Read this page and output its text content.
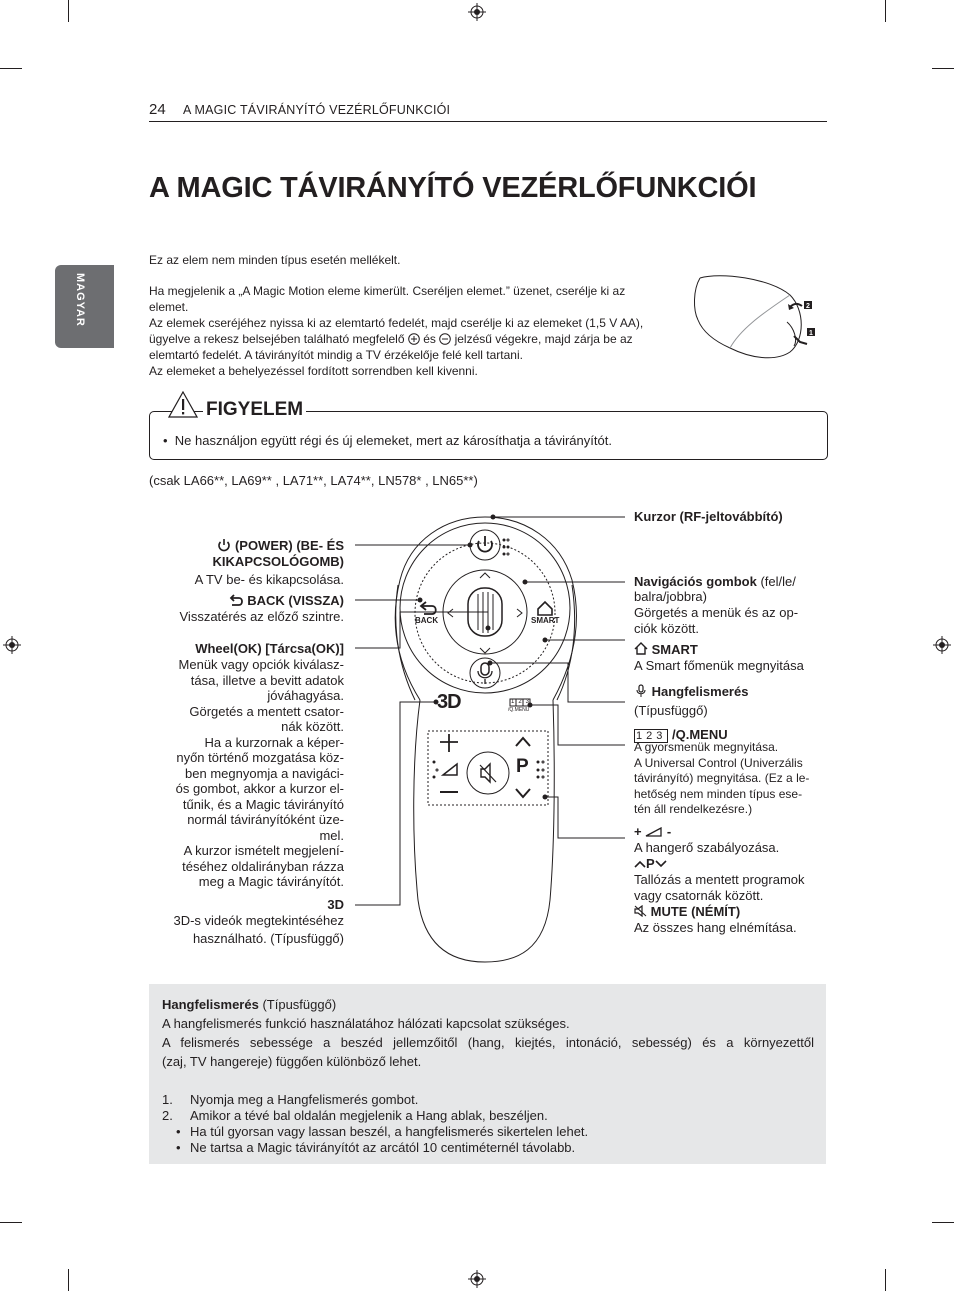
24 A MAGIC TÁVIRÁNYÍTÓ VEZÉRLŐFUNKCIÓI
MAGYAR
A MAGIC TÁVIRÁNYÍTÓ VEZÉRLŐFUNKCIÓI
Ez az elem nem minden típus esetén mellékelt.
Ha megjelenik a „A Magic Motion eleme kimerült. Cseréljen elemet.” üzenet, cserélje ki az
elemet.
Az elemek cseréjéhez nyissa ki az elemtartó fedelét, majd cserélje ki az elemeket (1,5 V AA),
ügyelve a rekesz belsejében található megfelelő és jelzésű végekre, majd zárja be az
elemtartó fedelét. A távirányítót mindig a TV érzékelője felé kell tartani.
Az elemeket a behelyezéssel fordított sorrendben kell kivenni.
2
1
FIGYELEM
•  Ne használjon együtt régi és új elemeket, mert az károsíthatja a távirányítót.
(csak LA66**, LA69** , LA71**, LA74**, LN578* , LN65**)
BACK	SMART
3D	123
/Q.MENU
P
(POWER) (BE- ÉS
KIKAPCSOLÓGOMB)
A TV be- és kikapcsolása.
BACK (VISSZA)
Visszatérés az előző szintre.
Wheel(OK) [Tárcsa(OK)]
Menük vagy opciók kiválasz-
tása, illetve a bevitt adatok
jóváhagyása.
Görgetés a mentett csator-
nák között.
Ha a kurzornak a képer-
nyőn történő mozgatása köz-
ben megnyomja a navigáci-
ós gombot, akkor a kurzor el-
tűnik, és a Magic távirányító
normál távirányítóként üze-
mel.
A kurzor ismételt megjelení-
téséhez oldalirányban rázza
meg a Magic távirányítót.
3D
3D-s videók megtekintéséhez
használható. (Típusfüggő)
Kurzor (RF-jeltovábbító)
Navigációs gombok (fel/le/
balra/jobbra)
Görgetés a menük és az op-
ciók között.
SMART
A Smart főmenük megnyitása
Hangfelismerés
(Típusfüggő)
123 /Q.MENU
A gyorsmenük megnyitása.
A Universal Control (Univerzális
távirányító) megnyitása. (Ez a le-
hetőség nem minden típus ese-
tén áll rendelkezésre.)
+ -
A hangerő szabályozása.
P
Tallózás a mentett programok
vagy csatornák között.
MUTE (NÉMÍT)
Az összes hang elnémítása.
Hangfelismerés (Típusfüggő)
A hangfelismerés funkció használatához hálózati kapcsolat szükséges.
A felismerés sebessége a beszéd jellemzőitől (hang, kiejtés, intonáció, sebesség) és a környezettől
(zaj, TV hangereje) függően különböző lehet.
1. Nyomja meg a Hangfelismerés gombot.
2. Amikor a tévé bal oldalán megjelenik a Hang ablak, beszéljen.
• Ha túl gyorsan vagy lassan beszél, a hangfelismerés sikertelen lehet.
• Ne tartsa a Magic távirányítót az arcától 10 centiméternél távolabb.
